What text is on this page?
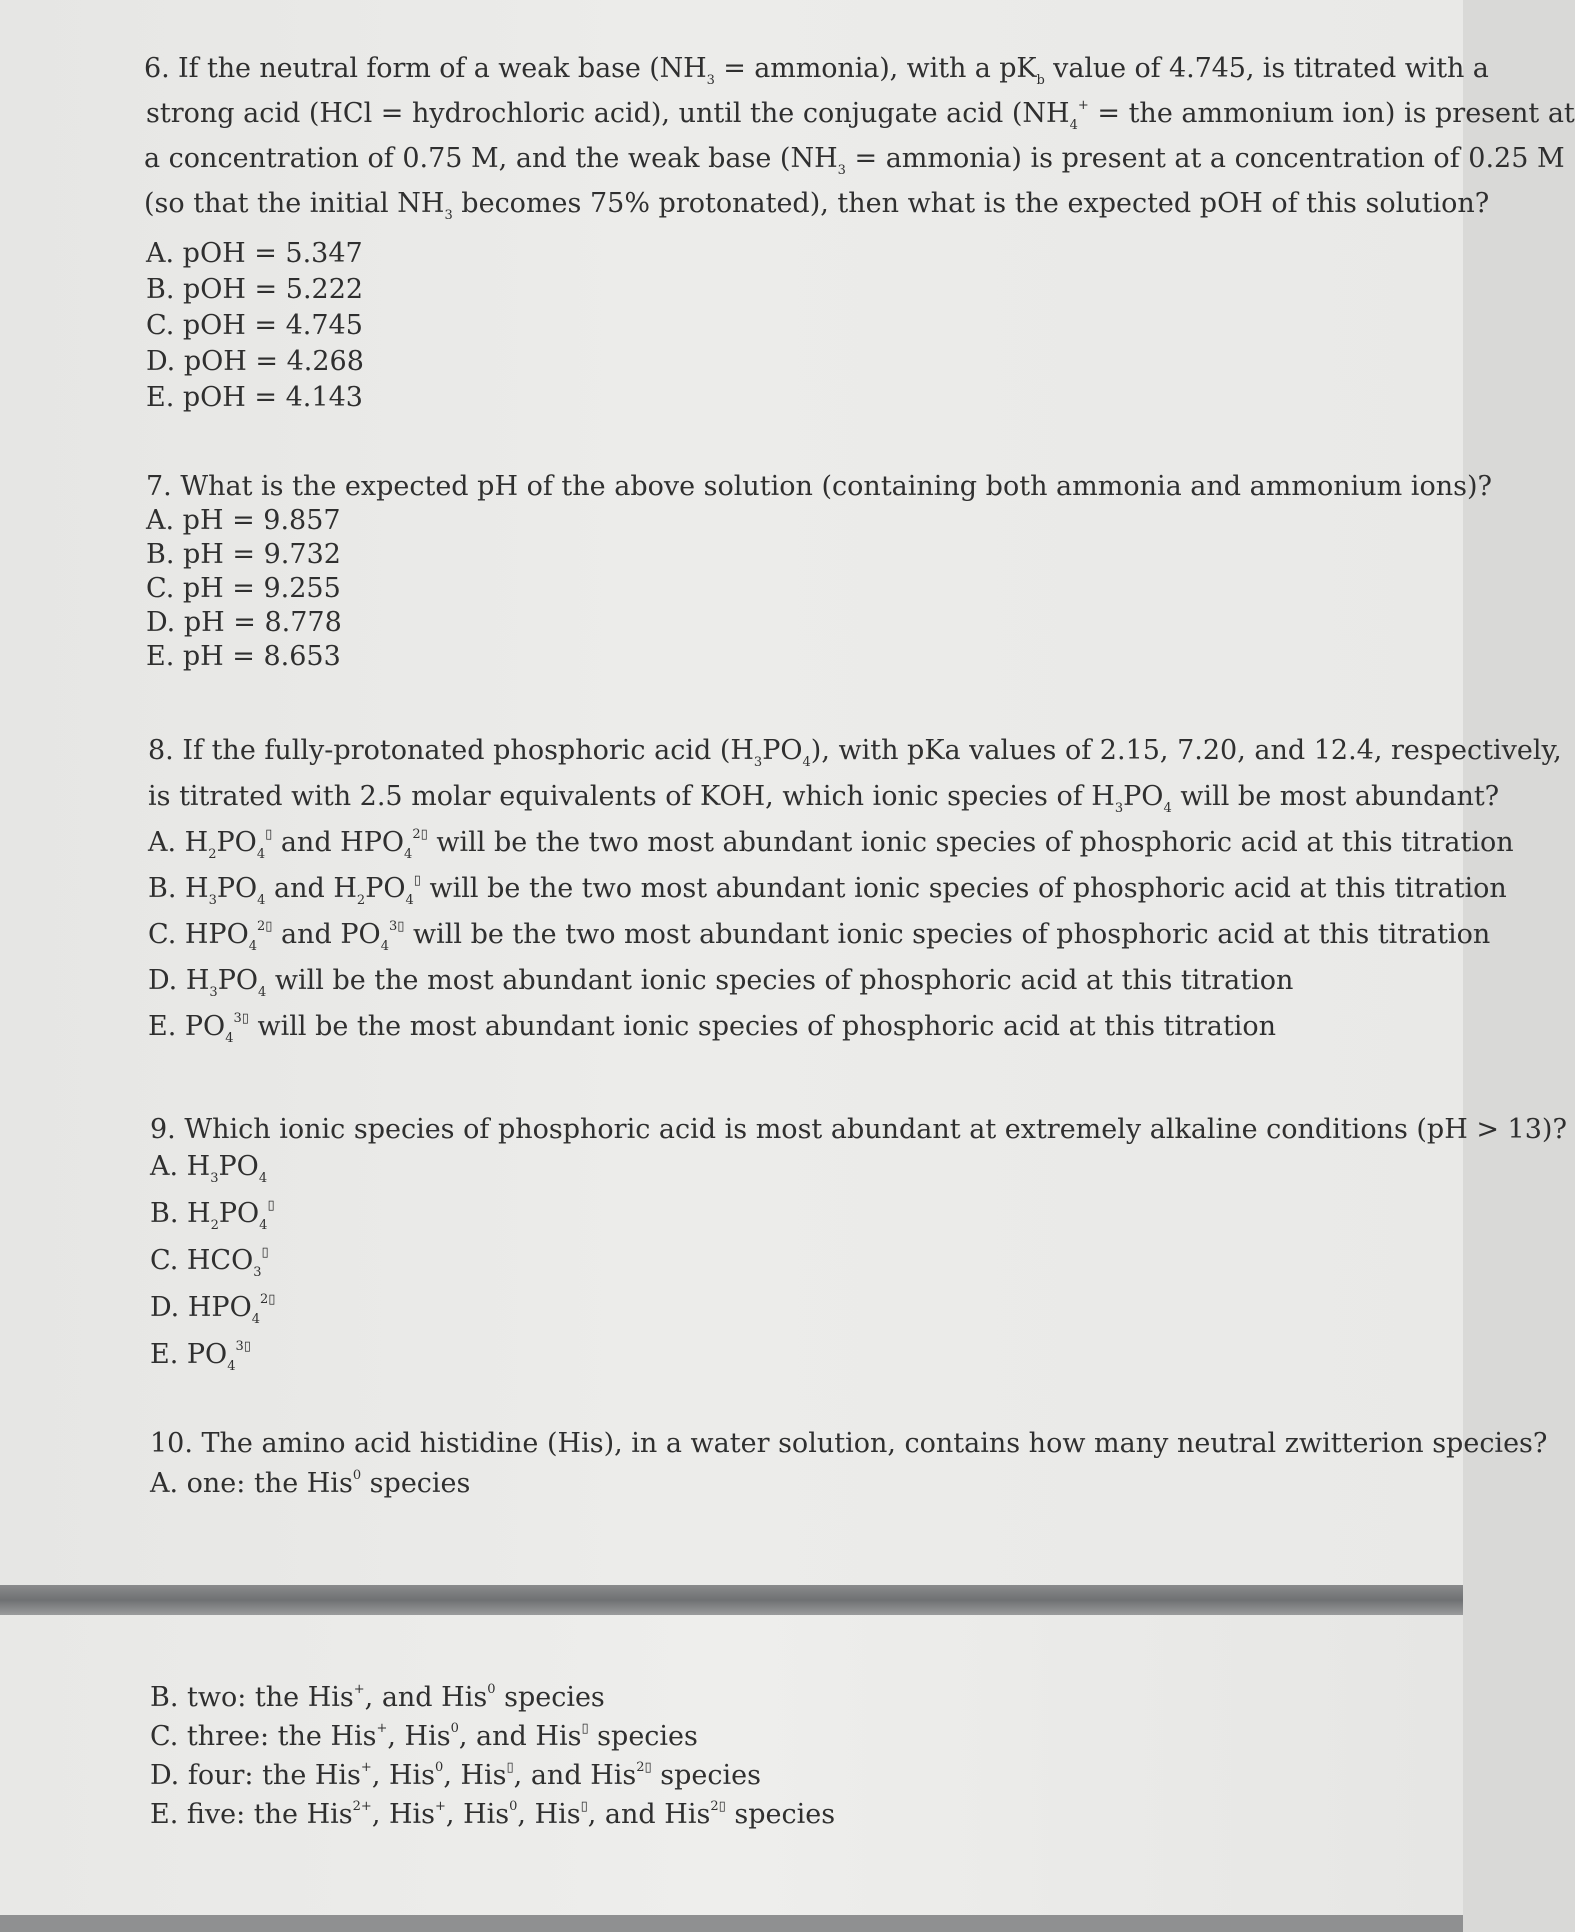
6. If the neutral form of a weak base ($NH_3$ = ammonia), with a $pK_b$ value of 4.745, is titrated with a
strong acid (HCl = hydrochloric acid), until the conjugate acid ($NH_4^+$ = the ammonium ion) is present at
a concentration of 0.75 M, and the weak base ($NH_3$ = ammonia) is present at a concentration of 0.25 M
(so that the initial $NH_3$ becomes 75% protonated), then what is the expected pOH of this solution?
A. pOH = 5.347
B. pOH = 5.222
C. pOH = 4.745
D. pOH = 4.268
E. pOH = 4.143
7. What is the expected pH of the above solution (containing both ammonia and ammonium ions)?
A. pH = 9.857
B. pH = 9.732
C. pH = 9.255
D. pH = 8.778
E. pH = 8.653
8. If the fully-protonated phosphoric acid $(H_3PO_4)$, with pKa values of 2.15, 7.20, and 12.4, respectively,
is titrated with 2.5 molar equivalents of KOH, which ionic species of $H_3PO_4$ will be most abundant?
A. $H_2PO_4^▯$ and $HPO_4^{2▯}$ will be the two most abundant ionic species of phosphoric acid at this titration
B. $H_3PO_4$ and $H_2PO_4^▯$ will be the two most abundant ionic species of phosphoric acid at this titration
C. $HPO_4^{2▯}$ and $PO_4^{3▯}$ will be the two most abundant ionic species of phosphoric acid at this titration
D. $H_3PO_4$ will be the most abundant ionic species of phosphoric acid at this titration
E. $PO_4^{3▯}$ will be the most abundant ionic species of phosphoric acid at this titration
9. Which ionic species of phosphoric acid is most abundant at extremely alkaline conditions (pH > 13)?
A. $H_3PO_4$
B. $H_2PO_4^▯$
C. $HCO_3^▯$
D. $HPO_4^{2▯}$
E. $PO_4^{3▯}$
10. The amino acid histidine (His), in a water solution, contains how many neutral zwitterion species?
A. one: the His$^0$ species
B. two: the His+, and His$^0$ species
C. three: the His+, His$^0$, and His▯ species
D. four: the His+, His$^0$, His▯, and His$^{2▯}$ species
E. five: the His$^{2+}$, His+, His$^0$, His▯, and His$^{2▯}$ species
